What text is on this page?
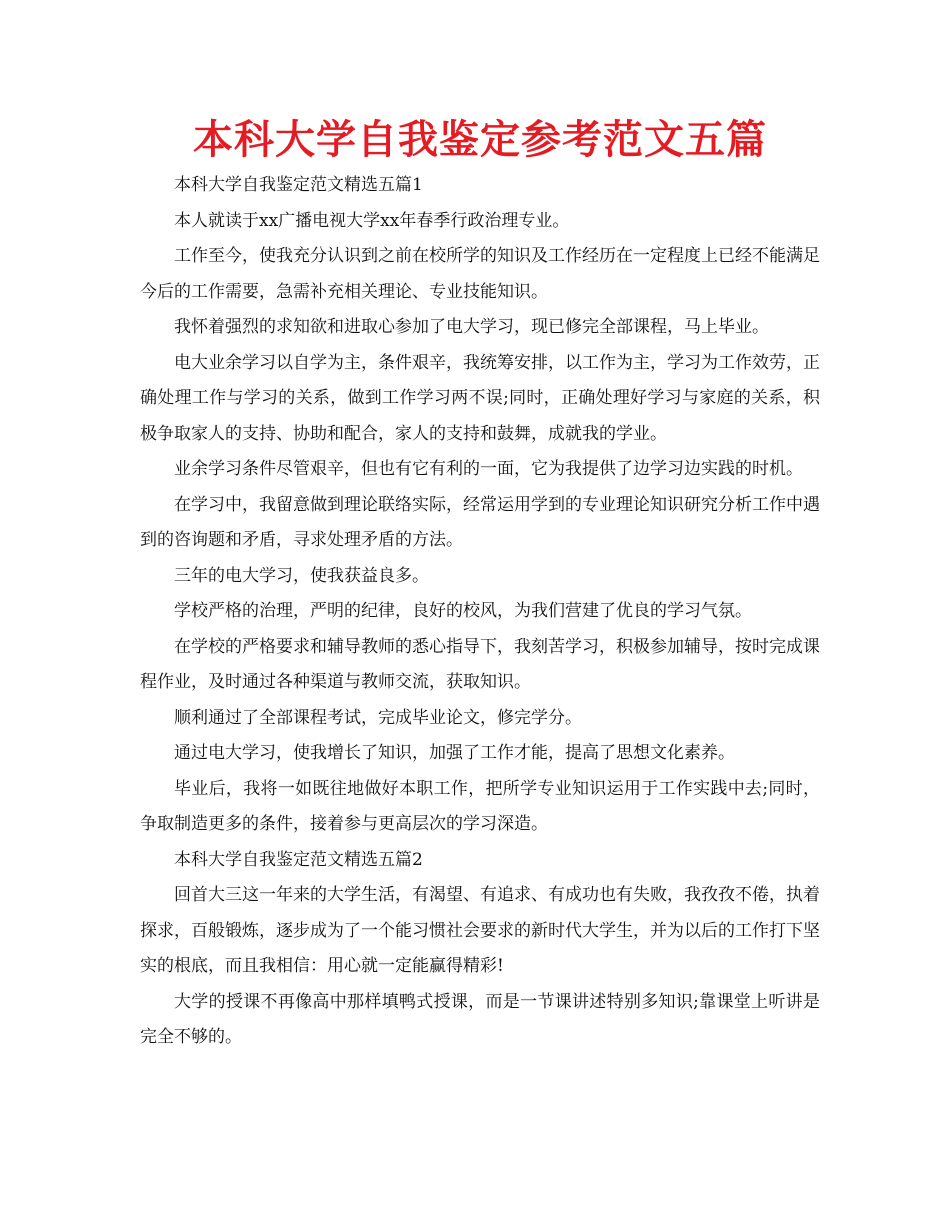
本科大学自我鉴定参考范文五篇

本科大学自我鉴定范文精选五篇1

本人就读于xx广播电视大学xx年春季行政治理专业。

工作至今，使我充分认识到之前在校所学的知识及工作经历在一定程度上已经不能满足今后的工作需要，急需补充相关理论、专业技能知识。

我怀着强烈的求知欲和进取心参加了电大学习，现已修完全部课程，马上毕业。

电大业余学习以自学为主，条件艰辛，我统筹安排，以工作为主，学习为工作效劳，正确处理工作与学习的关系，做到工作学习两不误;同时，正确处理好学习与家庭的关系，积极争取家人的支持、协助和配合，家人的支持和鼓舞，成就我的学业。

业余学习条件尽管艰辛，但也有它有利的一面，它为我提供了边学习边实践的时机。

在学习中，我留意做到理论联络实际，经常运用学到的专业理论知识研究分析工作中遇到的咨询题和矛盾，寻求处理矛盾的方法。

三年的电大学习，使我获益良多。

学校严格的治理，严明的纪律，良好的校风，为我们营建了优良的学习气氛。

在学校的严格要求和辅导教师的悉心指导下，我刻苦学习，积极参加辅导，按时完成课程作业，及时通过各种渠道与教师交流，获取知识。

顺利通过了全部课程考试，完成毕业论文，修完学分。

通过电大学习，使我增长了知识，加强了工作才能，提高了思想文化素养。

毕业后，我将一如既往地做好本职工作，把所学专业知识运用于工作实践中去;同时，争取制造更多的条件，接着参与更高层次的学习深造。

本科大学自我鉴定范文精选五篇2

回首大三这一年来的大学生活，有渴望、有追求、有成功也有失败，我孜孜不倦，执着探求，百般锻炼，逐步成为了一个能习惯社会要求的新时代大学生，并为以后的工作打下坚实的根底，而且我相信：用心就一定能赢得精彩!

大学的授课不再像高中那样填鸭式授课，而是一节课讲述特别多知识;靠课堂上听讲是完全不够的。
